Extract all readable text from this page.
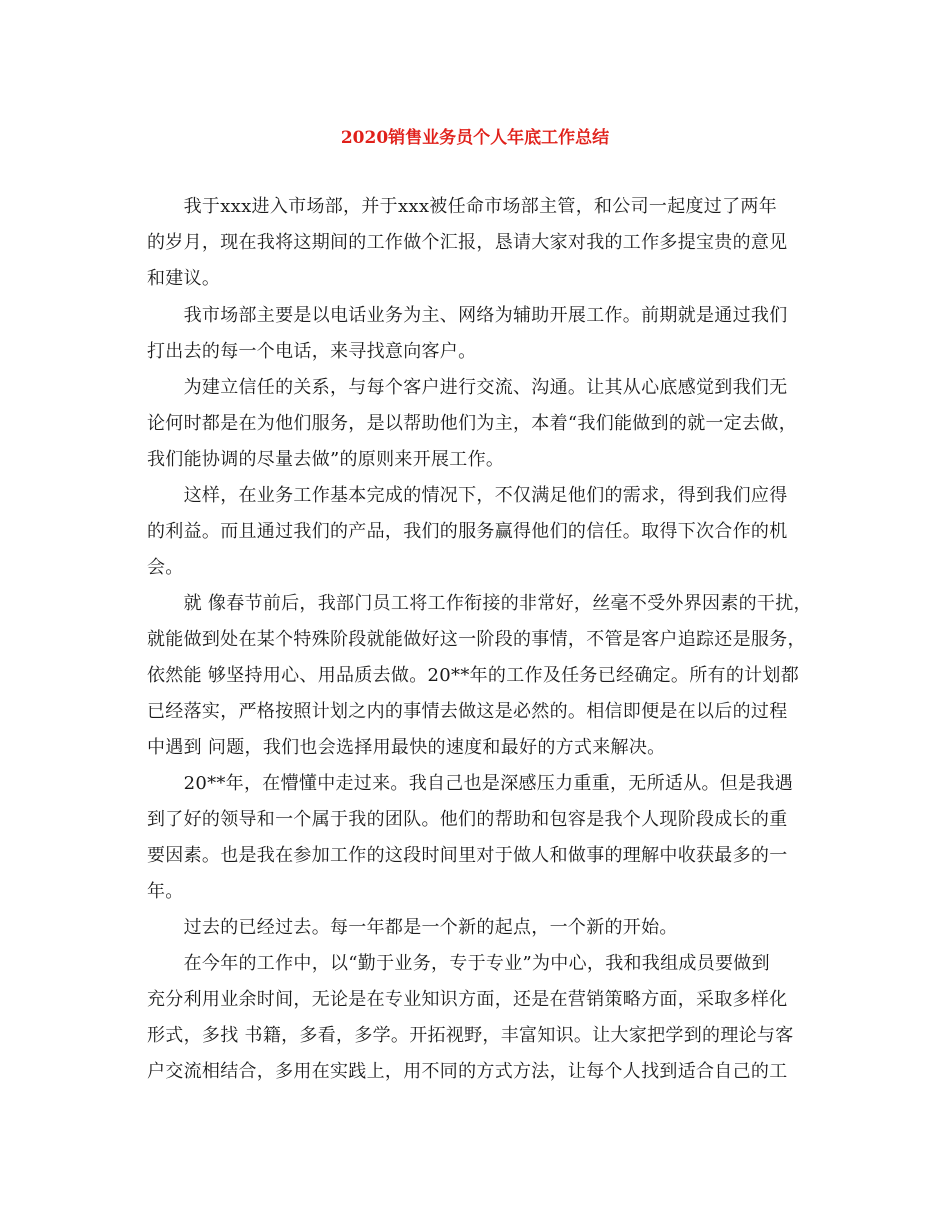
2020销售业务员个人年底工作总结

　　我于xxx进入市场部，并于xxx被任命市场部主管，和公司一起度过了两年

的岁月，现在我将这期间的工作做个汇报，恳请大家对我的工作多提宝贵的意见

和建议。

　　我市场部主要是以电话业务为主、网络为辅助开展工作。前期就是通过我们

打出去的每一个电话，来寻找意向客户。

　　为建立信任的关系，与每个客户进行交流、沟通。让其从心底感觉到我们无

论何时都是在为他们服务，是以帮助他们为主，本着“我们能做到的就一定去做，

我们能协调的尽量去做”的原则来开展工作。

　　这样，在业务工作基本完成的情况下，不仅满足他们的需求，得到我们应得

的利益。而且通过我们的产品，我们的服务赢得他们的信任。取得下次合作的机

会。

　　就 像春节前后，我部门员工将工作衔接的非常好，丝毫不受外界因素的干扰，

就能做到处在某个特殊阶段就能做好这一阶段的事情，不管是客户追踪还是服务，

依然能 够坚持用心、用品质去做。20**年的工作及任务已经确定。所有的计划都

已经落实，严格按照计划之内的事情去做这是必然的。相信即便是在以后的过程

中遇到 问题，我们也会选择用最快的速度和最好的方式来解决。

　　20**年，在懵懂中走过来。我自己也是深感压力重重，无所适从。但是我遇

到了好的领导和一个属于我的团队。他们的帮助和包容是我个人现阶段成长的重

要因素。也是我在参加工作的这段时间里对于做人和做事的理解中收获最多的一

年。

　　过去的已经过去。每一年都是一个新的起点，一个新的开始。

　　在今年的工作中，以“勤于业务，专于专业”为中心，我和我组成员要做到

充分利用业余时间，无论是在专业知识方面，还是在营销策略方面，采取多样化

形式，多找 书籍，多看，多学。开拓视野，丰富知识。让大家把学到的理论与客

户交流相结合，多用在实践上，用不同的方式方法，让每个人找到适合自己的工
